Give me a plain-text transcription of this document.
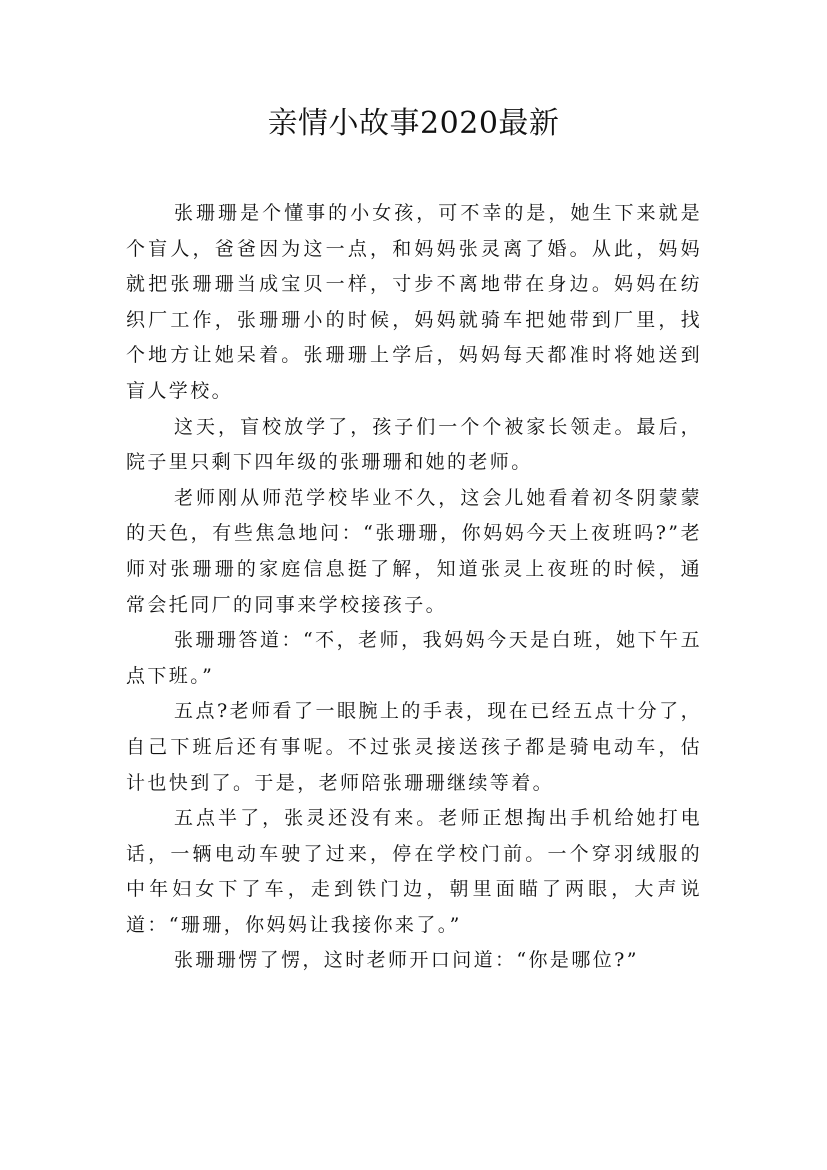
亲情小故事2020最新

张珊珊是个懂事的小女孩，可不幸的是，她生下来就是个盲人，爸爸因为这一点，和妈妈张灵离了婚。从此，妈妈就把张珊珊当成宝贝一样，寸步不离地带在身边。妈妈在纺织厂工作，张珊珊小的时候，妈妈就骑车把她带到厂里，找个地方让她呆着。张珊珊上学后，妈妈每天都准时将她送到盲人学校。

这天，盲校放学了，孩子们一个个被家长领走。最后，院子里只剩下四年级的张珊珊和她的老师。

老师刚从师范学校毕业不久，这会儿她看着初冬阴蒙蒙的天色，有些焦急地问：“张珊珊，你妈妈今天上夜班吗?”老师对张珊珊的家庭信息挺了解，知道张灵上夜班的时候，通常会托同厂的同事来学校接孩子。

张珊珊答道：“不，老师，我妈妈今天是白班，她下午五点下班。”

五点?老师看了一眼腕上的手表，现在已经五点十分了，自己下班后还有事呢。不过张灵接送孩子都是骑电动车，估计也快到了。于是，老师陪张珊珊继续等着。

五点半了，张灵还没有来。老师正想掏出手机给她打电话，一辆电动车驶了过来，停在学校门前。一个穿羽绒服的中年妇女下了车，走到铁门边，朝里面瞄了两眼，大声说道：“珊珊，你妈妈让我接你来了。”

张珊珊愣了愣，这时老师开口问道：“你是哪位?”
